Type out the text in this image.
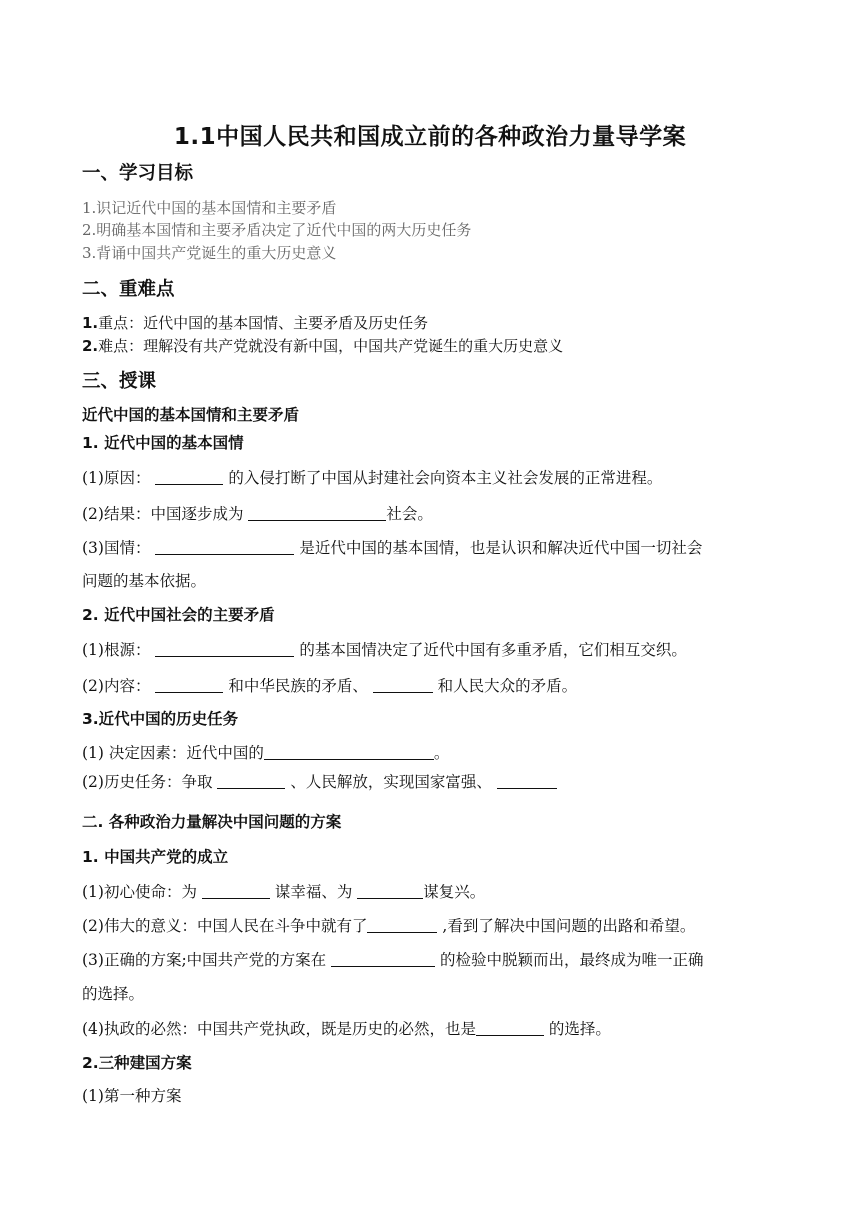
1.1中国人民共和国成立前的各种政治力量导学案
一、学习目标
1.识记近代中国的基本国情和主要矛盾
2.明确基本国情和主要矛盾决定了近代中国的两大历史任务
3.背诵中国共产党诞生的重大历史意义
二、重难点
1.重点：近代中国的基本国情、主要矛盾及历史任务
2.难点：理解没有共产党就没有新中国，中国共产党诞生的重大历史意义
三、授课
近代中国的基本国情和主要矛盾
1. 近代中国的基本国情
(1)原因：	的入侵打断了中国从封建社会向资本主义社会发展的正常进程。
(2)结果：中国逐步成为	社会。
(3)国情：	是近代中国的基本国情，也是认识和解决近代中国一切社会
问题的基本依据。
2. 近代中国社会的主要矛盾
(1)根源：	的基本国情决定了近代中国有多重矛盾，它们相互交织。
(2)内容：	和中华民族的矛盾、	和人民大众的矛盾。
3.近代中国的历史任务
(1) 决定因素：近代中国的	。
(2)历史任务：争取	、人民解放，实现国家富强、
二. 各种政治力量解决中国问题的方案
1. 中国共产党的成立
(1)初心使命：为	谋幸福、为	谋复兴。
(2)伟大的意义：中国人民在斗争中就有了	,看到了解决中国问题的出路和希望。
(3)正确的方案;中国共产党的方案在	的检验中脱颖而出，最终成为唯一正确
的选择。
(4)执政的必然：中国共产党执政，既是历史的必然，也是	的选择。
2.三种建国方案
(1)第一种方案
